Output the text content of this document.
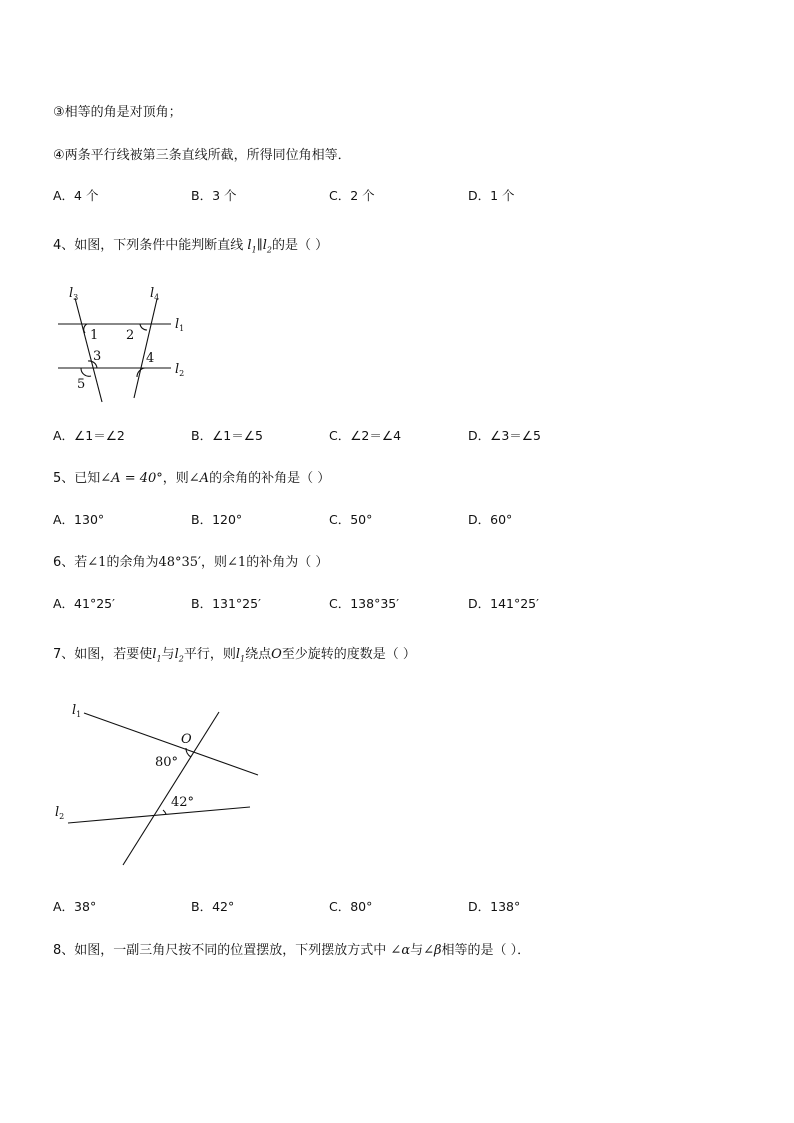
③相等的角是对顶角；
④两条平行线被第三条直线所截，所得同位角相等．
A．4 个	B．3 个	C．2 个	D．1 个
4、如图，下列条件中能判断直线 $l_1\parallel l_2$的是（ ）
$l_3$	$l_4$
$l_1$
$l_2$
1 2
3	4
5
A．∠1＝∠2	B．∠1＝∠5	C．∠2＝∠4	D．∠3＝∠5
5、已知∠A = 40°，则∠A的余角的补角是（ ）
A．130°	B．120°	C．50°	D．60°
6、若∠1的余角为48°35′，则∠1的补角为（ ）
A．41°25′	B．131°25′	C．138°35′	D．141°25′
7、如图，若要使$l_1$与$l_2$平行，则$l_1$绕点O至少旋转的度数是（ ）
$l_1$
$l_2$
O
80°
42°
A．38°	B．42°	C．80°	D．138°
8、如图，一副三角尺按不同的位置摆放，下列摆放方式中 ∠α与∠β相等的是（ ）．
